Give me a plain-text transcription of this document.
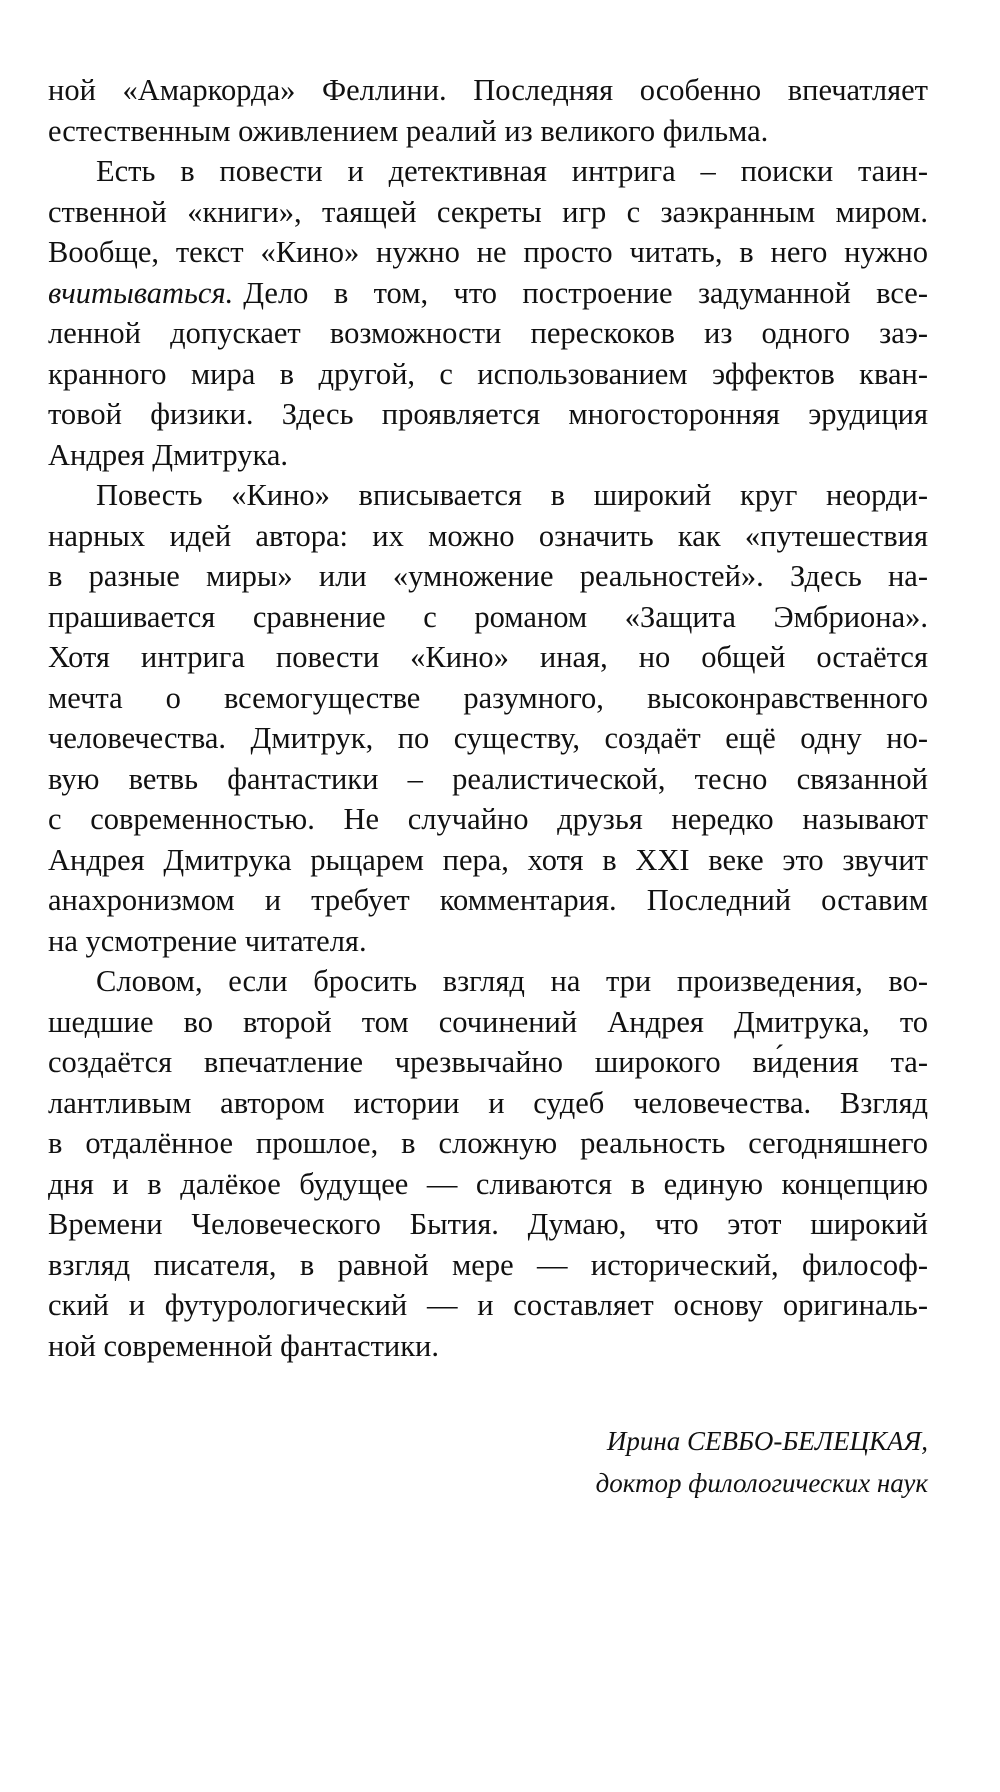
ной «Амаркорда» Феллини. Последняя особенно впечатляет
естественным оживлением реалий из великого фильма.
Есть в повести и детективная интрига – поиски таин-
ственной «книги», таящей секреты игр с заэкранным миром.
Вообще, текст «Кино» нужно не просто читать, в него нужно
вчитываться. Дело в том, что построение задуманной все-
ленной допускает возможности перескоков из одного заэ-
кранного мира в другой, с использованием эффектов кван-
товой физики. Здесь проявляется многосторонняя эрудиция
Андрея Дмитрука.
Повесть «Кино» вписывается в широкий круг неорди-
нарных идей автора: их можно означить как «путешествия
в разные миры» или «умножение реальностей». Здесь на-
прашивается сравнение с романом «Защита Эмбриона».
Хотя интрига повести «Кино» иная, но общей остаётся
мечта о всемогуществе разумного, высоконравственного
человечества. Дмитрук, по существу, создаёт ещё одну но-
вую ветвь фантастики – реалистической, тесно связанной
с современностью. Не случайно друзья нередко называют
Андрея Дмитрука рыцарем пера, хотя в XXI веке это звучит
анахронизмом и требует комментария. Последний оставим
на усмотрение читателя.
Словом, если бросить взгляд на три произведения, во-
шедшие во второй том сочинений Андрея Дмитрука, то
создаётся впечатление чрезвычайно широкого ви́дения та-
лантливым автором истории и судеб человечества. Взгляд
в отдалённое прошлое, в сложную реальность сегодняшнего
дня и в далёкое будущее — сливаются в единую концепцию
Времени Человеческого Бытия. Думаю, что этот широкий
взгляд писателя, в равной мере — исторический, философ-
ский и футурологический — и составляет основу оригиналь-
ной современной фантастики.
Ирина СЕВБО-БЕЛЕЦКАЯ,
доктор филологических наук
